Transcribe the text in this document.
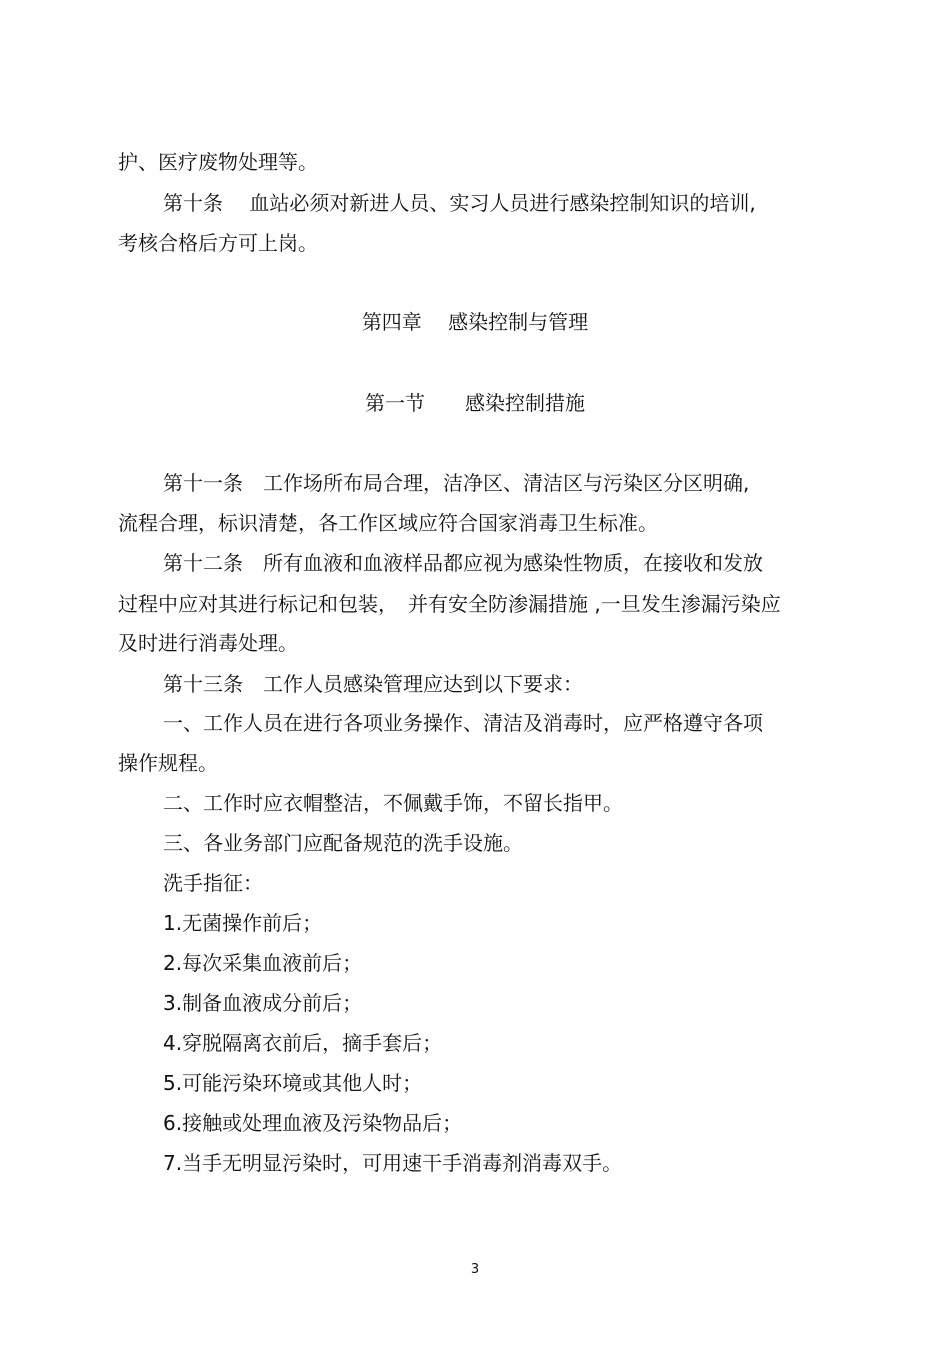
护、医疗废物处理等。

第十条　 血站必须对新进人员、实习人员进行感染控制知识的培训,

考核合格后方可上岗。

第四章　 感染控制与管理

第一节　　感染控制措施

第十一条　工作场所布局合理，洁净区、清洁区与污染区分区明确,

流程合理，标识清楚，各工作区域应符合国家消毒卫生标准。

第十二条　所有血液和血液样品都应视为感染性物质，在接收和发放

过程中应对其进行标记和包装，　并有安全防渗漏措施 ,一旦发生渗漏污染应

及时进行消毒处理。

第十三条　工作人员感染管理应达到以下要求：

一、工作人员在进行各项业务操作、清洁及消毒时，应严格遵守各项

操作规程。

二、工作时应衣帽整洁，不佩戴手饰，不留长指甲。

三、各业务部门应配备规范的洗手设施。

洗手指征：

1.无菌操作前后；

2.每次采集血液前后；

3.制备血液成分前后；

4.穿脱隔离衣前后，摘手套后；

5.可能污染环境或其他人时；

6.接触或处理血液及污染物品后；

7.当手无明显污染时，可用速干手消毒剂消毒双手。

3
